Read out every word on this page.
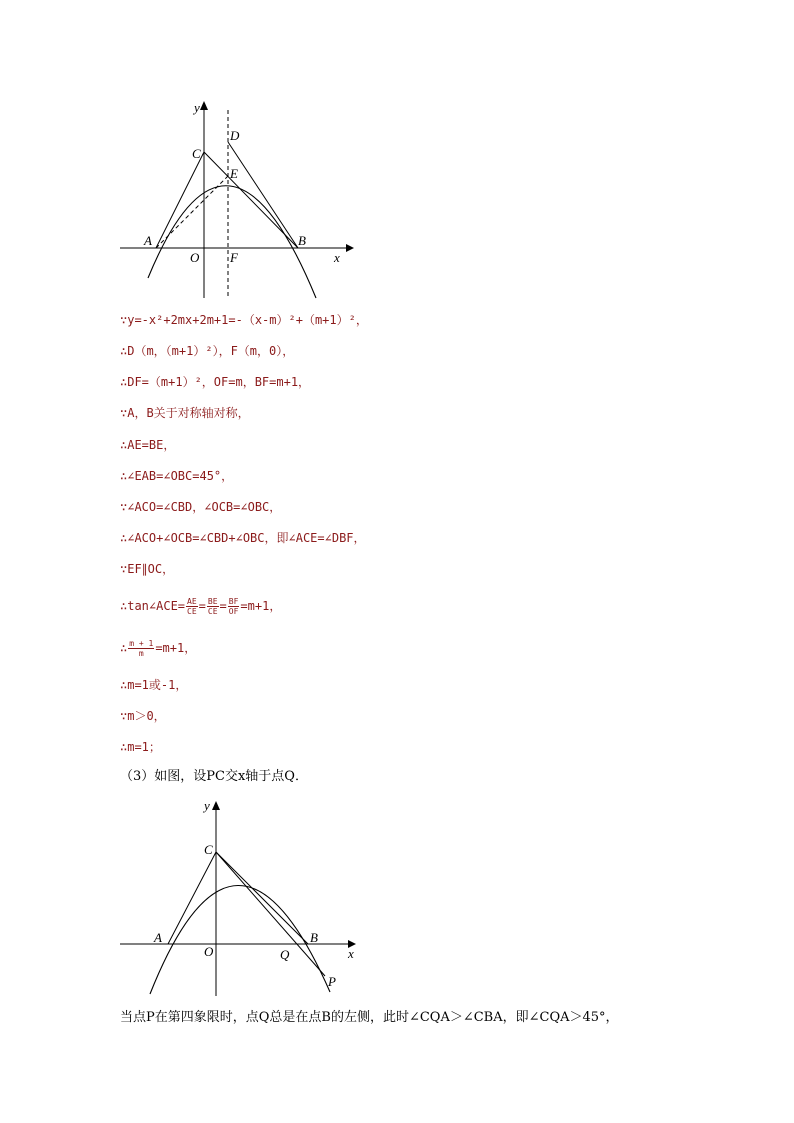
y
x
C
D
E
A	B
O F
∵y=-x²+2mx+2m+1=-（x-m）²+（m+1）²，
∴D（m，（m+1）²），F（m，0），
∴DF=（m+1）²，OF=m，BF=m+1，
∵A，B关于对称轴对称，
∴AE=BE，
∴∠EAB=∠OBC=45°，
∵∠ACO=∠CBD，∠OCB=∠OBC，
∴∠ACO+∠OCB=∠CBD+∠OBC，即∠ACE=∠DBF，
∵EF∥OC，
∴tan∠ACE= $\frac{AE}{CE} = \frac{BE}{CE} = \frac{BF}{OF} =m+1$，
∴ $\frac{m + 1}{m} =m+1$，
∴m=1或-1，
∵m＞0，
∴m=1；
（3）如图，设PC交x轴于点Q．
y
x
C
A	B
O	Q
P
当点P在第四象限时，点Q总是在点B的左侧，此时∠CQA＞∠CBA，即∠CQA＞45°，
